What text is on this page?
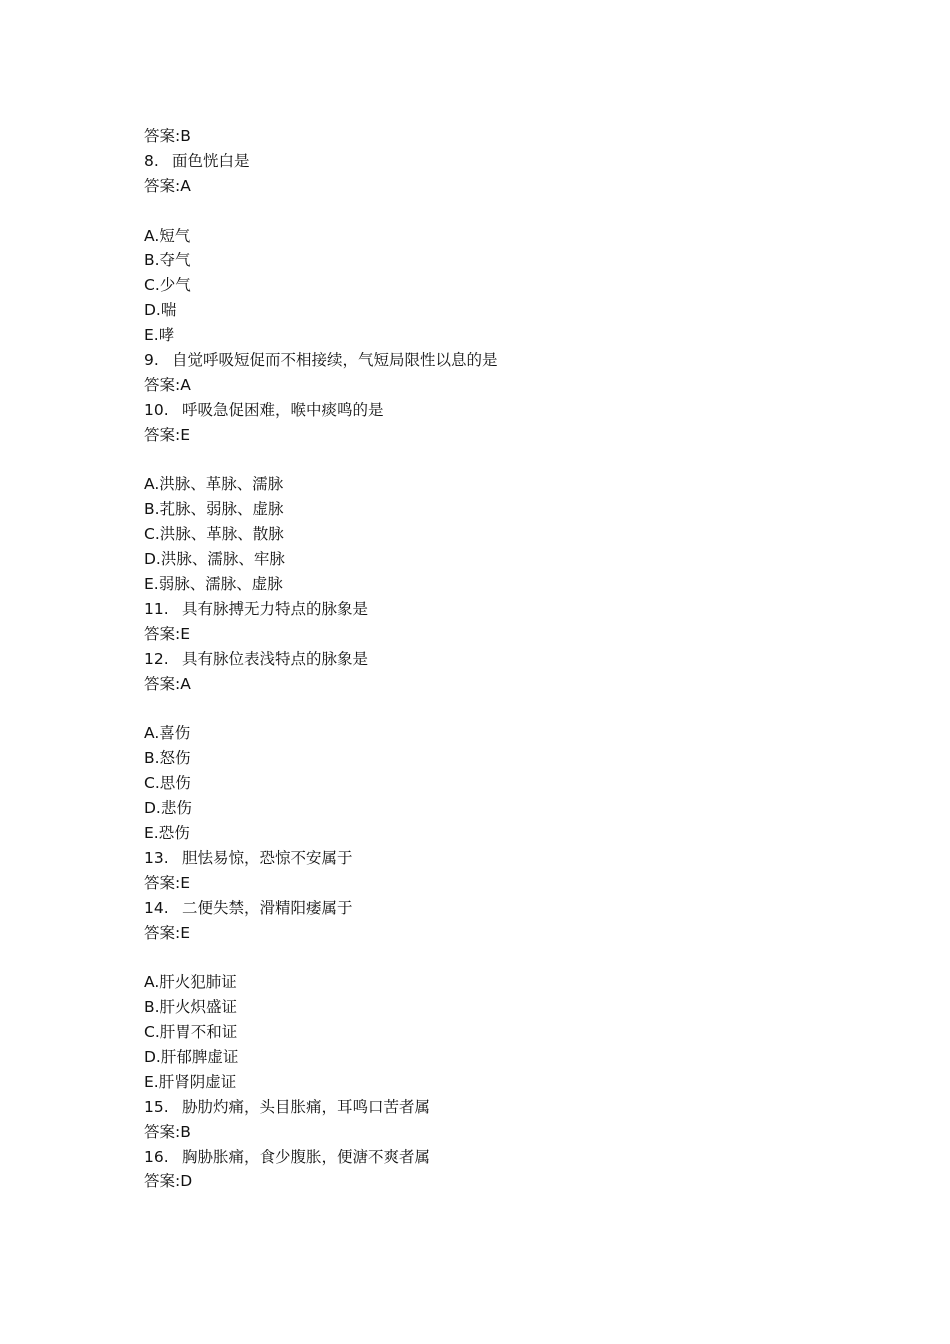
答案:B
8. 面色恍白是
答案:A
A.短气
B.夺气
C.少气
D.喘
E.哮
9. 自觉呼吸短促而不相接续，气短局限性以息的是
答案:A
10. 呼吸急促困难，喉中痰鸣的是
答案:E
A.洪脉、革脉、濡脉
B.芤脉、弱脉、虚脉
C.洪脉、革脉、散脉
D.洪脉、濡脉、牢脉
E.弱脉、濡脉、虚脉
11. 具有脉搏无力特点的脉象是
答案:E
12. 具有脉位表浅特点的脉象是
答案:A
A.喜伤
B.怒伤
C.思伤
D.悲伤
E.恐伤
13. 胆怯易惊，恐惊不安属于
答案:E
14. 二便失禁，滑精阳痿属于
答案:E
A.肝火犯肺证
B.肝火炽盛证
C.肝胃不和证
D.肝郁脾虚证
E.肝肾阴虚证
15. 胁肋灼痛，头目胀痛，耳鸣口苦者属
答案:B
16. 胸胁胀痛，食少腹胀，便溏不爽者属
答案:D
